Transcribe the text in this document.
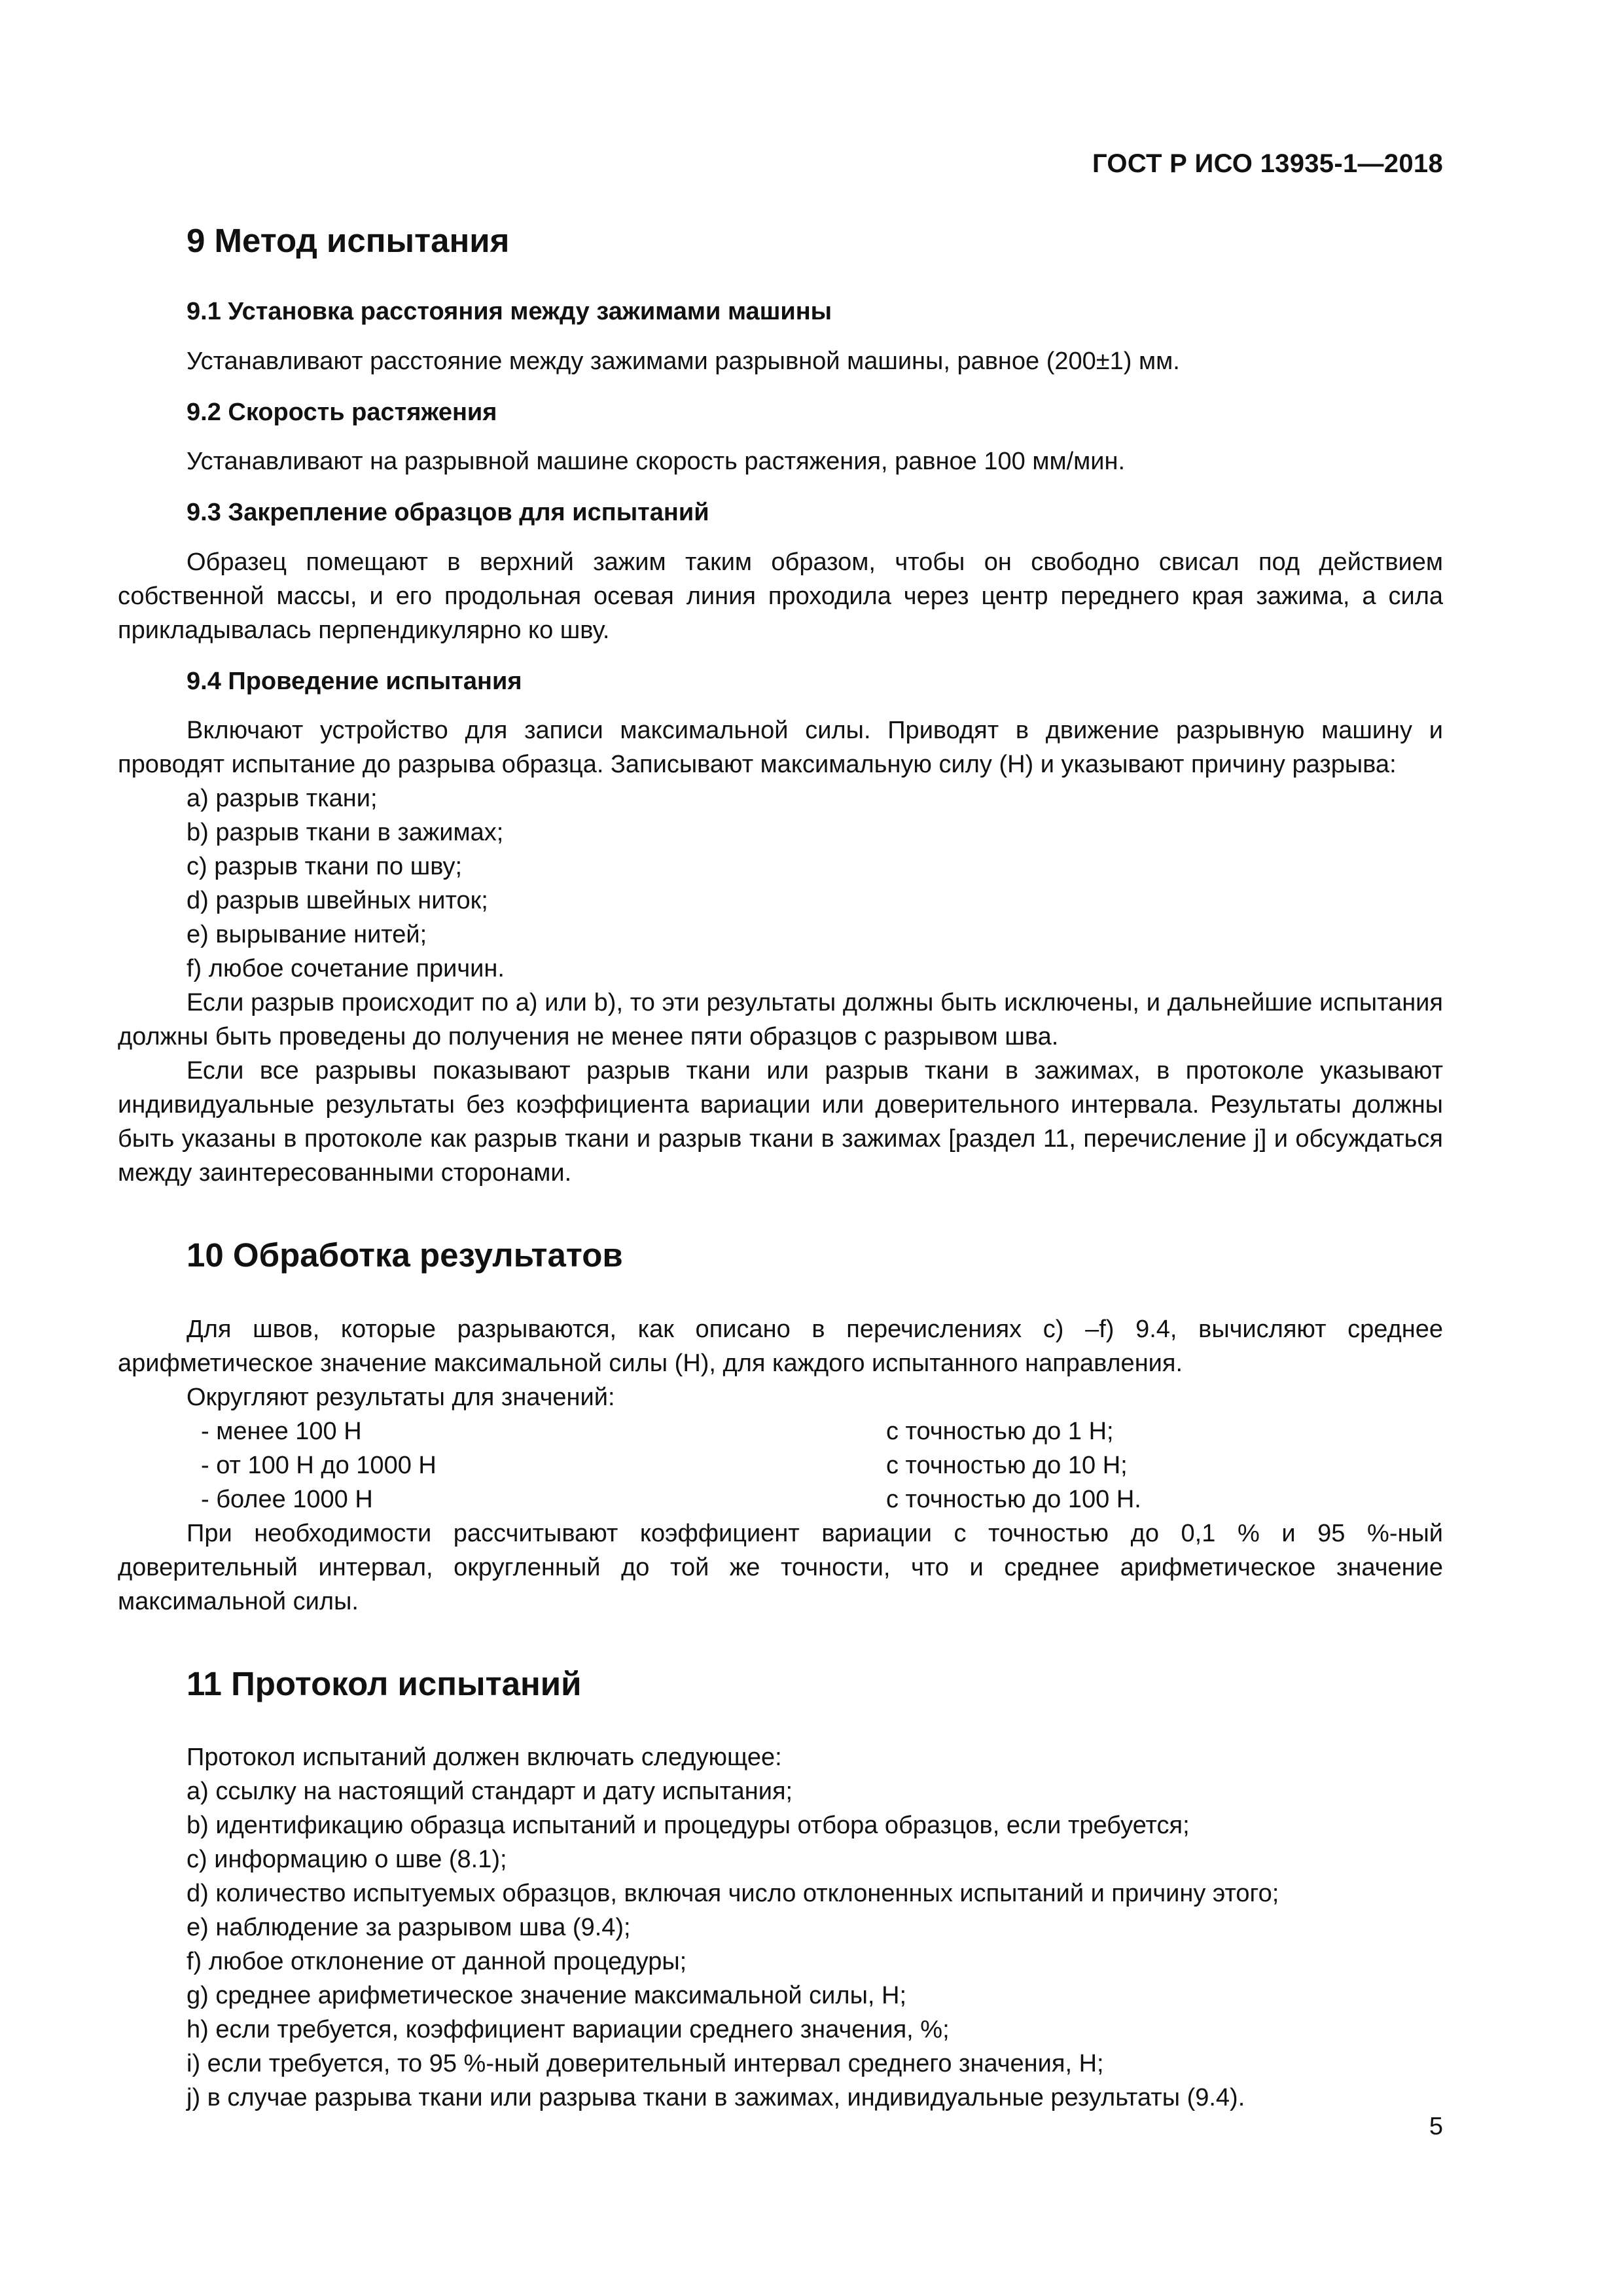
ГОСТ Р ИСО 13935-1—2018
9 Метод испытания
9.1 Установка расстояния между зажимами машины

Устанавливают расстояние между зажимами разрывной машины, равное (200±1) мм.

9.2 Скорость растяжения

Устанавливают на разрывной машине скорость растяжения, равное 100 мм/мин.

9.3 Закрепление образцов для испытаний

Образец помещают в верхний зажим таким образом, чтобы он свободно свисал под действием собственной массы, и его продольная осевая линия проходила через центр переднего края зажима, а сила прикладывалась перпендикулярно ко шву.

9.4 Проведение испытания

Включают устройство для записи максимальной силы. Приводят в движение разрывную машину и проводят испытание до разрыва образца. Записывают максимальную силу (Н) и указывают причину разрыва:

a) разрыв ткани;
b) разрыв ткани в зажимах;
c) разрыв ткани по шву;
d) разрыв швейных ниток;
e) вырывание нитей;
f) любое сочетание причин.

Если разрыв происходит по a) или b), то эти результаты должны быть исключены, и дальнейшие испытания должны быть проведены до получения не менее пяти образцов с разрывом шва.

Если все разрывы показывают разрыв ткани или разрыв ткани в зажимах, в протоколе указывают индивидуальные результаты без коэффициента вариации или доверительного интервала. Результаты должны быть указаны в протоколе как разрыв ткани и разрыв ткани в зажимах [раздел 11, перечисление j] и обсуждаться между заинтересованными сторонами.

10 Обработка результатов

Для швов, которые разрываются, как описано в перечислениях c) –f) 9.4, вычисляют среднее арифметическое значение максимальной силы (Н), для каждого испытанного направления.

Округляют результаты для значений:

- менее 100 Н	с точностью до 1 Н;
- от 100 Н до 1000 Н	с точностью до 10 Н;
- более 1000 Н	с точностью до 100 Н.

При необходимости рассчитывают коэффициент вариации с точностью до 0,1 % и 95 %-ный доверительный интервал, округленный до той же точности, что и среднее арифметическое значение максимальной силы.

11 Протокол испытаний

Протокол испытаний должен включать следующее:

a) ссылку на настоящий стандарт и дату испытания;
b) идентификацию образца испытаний и процедуры отбора образцов, если требуется;
c) информацию о шве (8.1);
d) количество испытуемых образцов, включая число отклоненных испытаний и причину этого;
e) наблюдение за разрывом шва (9.4);
f) любое отклонение от данной процедуры;
g) среднее арифметическое значение максимальной силы, Н;
h) если требуется, коэффициент вариации среднего значения, %;
i) если требуется, то 95 %-ный доверительный интервал среднего значения, Н;
j) в случае разрыва ткани или разрыва ткани в зажимах, индивидуальные результаты (9.4).
5
